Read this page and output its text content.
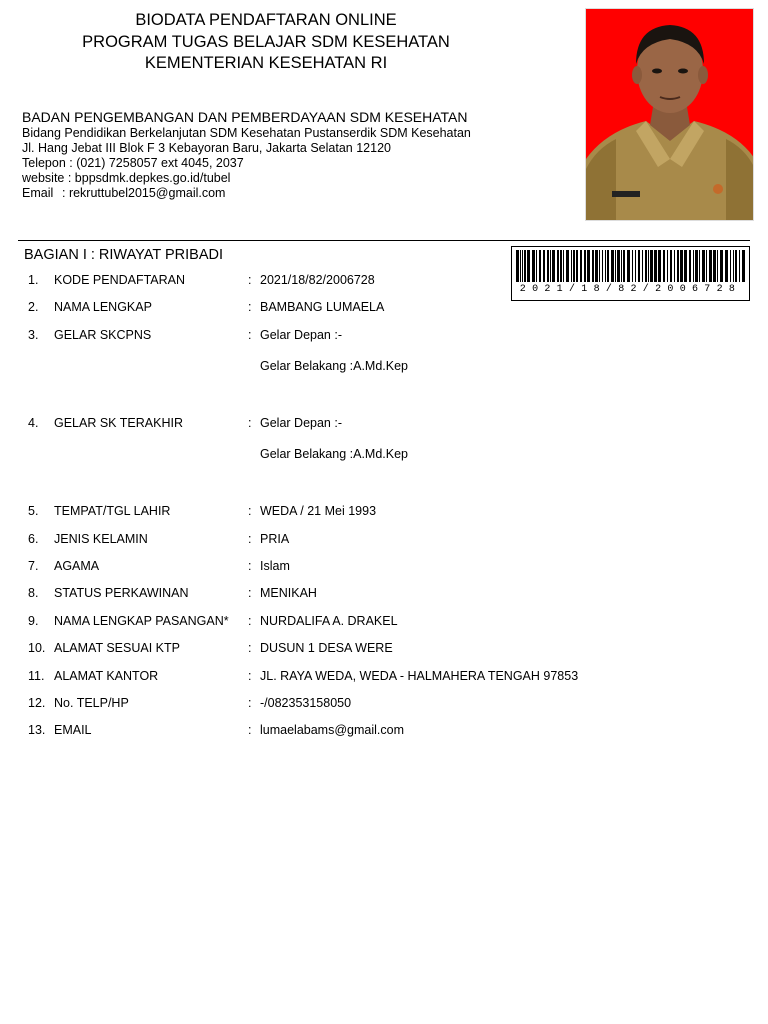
BIODATA PENDAFTARAN ONLINE
PROGRAM TUGAS BELAJAR SDM KESEHATAN
KEMENTERIAN KESEHATAN RI
BADAN PENGEMBANGAN DAN PEMBERDAYAAN SDM KESEHATAN
Bidang Pendidikan Berkelanjutan SDM Kesehatan Pustanserdik SDM Kesehatan
Jl. Hang Jebat III Blok F 3 Kebayoran Baru, Jakarta Selatan 12120
Telepon : (021) 7258057 ext 4045, 2037
website : bppsdmk.depkes.go.id/tubel
Email : rekruttubel2015@gmail.com
BAGIAN I : RIWAYAT PRIBADI
2021/18/82/2006728
1. KODE PENDAFTARAN	: 2021/18/82/2006728
2. NAMA LENGKAP	: BAMBANG LUMAELA
3. GELAR SKCPNS	: Gelar Depan :-
Gelar Belakang :A.Md.Kep
4. GELAR SK TERAKHIR	: Gelar Depan :-
Gelar Belakang :A.Md.Kep
5. TEMPAT/TGL LAHIR	: WEDA / 21 Mei 1993
6. JENIS KELAMIN	: PRIA
7. AGAMA	: Islam
8. STATUS PERKAWINAN	: MENIKAH
9. NAMA LENGKAP PASANGAN* : NURDALIFA A. DRAKEL
10. ALAMAT SESUAI KTP	: DUSUN 1 DESA WERE
11. ALAMAT KANTOR	: JL. RAYA WEDA, WEDA - HALMAHERA TENGAH 97853
12. No. TELP/HP	: -/082353158050
13. EMAIL	: lumaelabams@gmail.com
